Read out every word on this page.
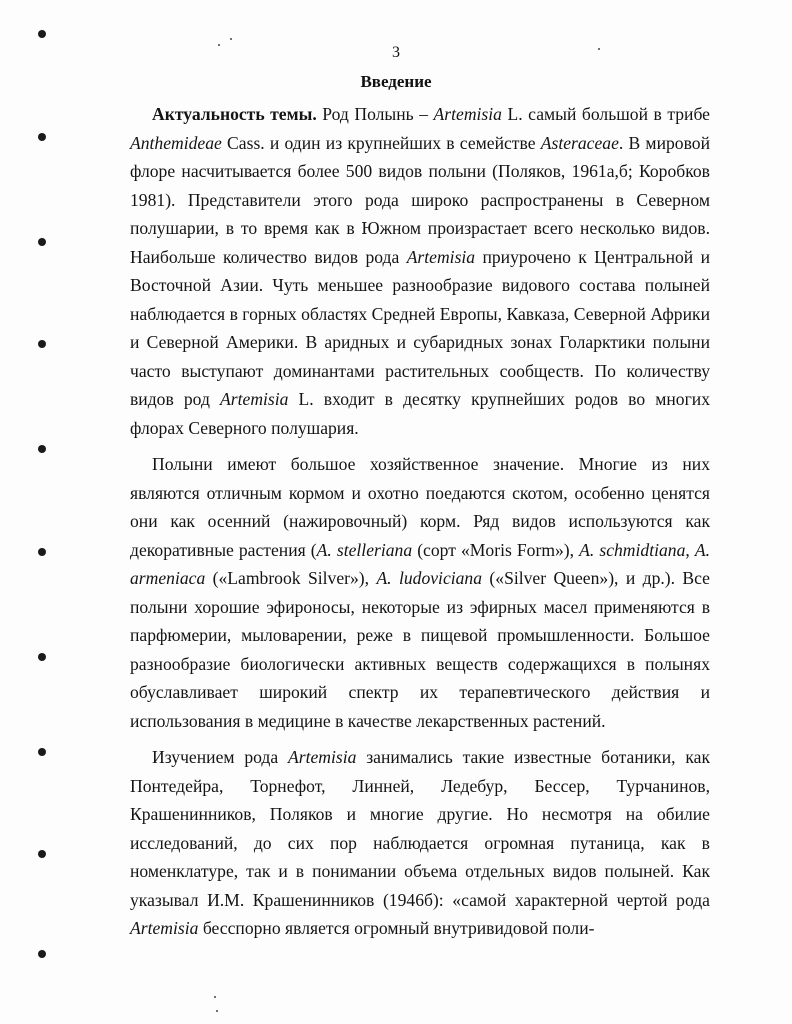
3
Введение

Актуальность темы. Род Полынь – Artemisia L. самый большой в трибе Anthemideae Cass. и один из крупнейших в семействе Asteraceae. В мировой флоре насчитывается более 500 видов полыни (Поляков, 1961а,б; Коробков 1981). Представители этого рода широко распространены в Северном полушарии, в то время как в Южном произрастает всего несколько видов. Наибольше количество видов рода Artemisia приурочено к Центральной и Восточной Азии. Чуть меньшее разнообразие видового состава полыней наблюдается в горных областях Средней Европы, Кавказа, Северной Африки и Северной Америки. В аридных и субаридных зонах Голарктики полыни часто выступают доминантами растительных сообществ. По количеству видов род Artemisia L. входит в десятку крупнейших родов во многих флорах Северного полушария.

Полыни имеют большое хозяйственное значение. Многие из них являются отличным кормом и охотно поедаются скотом, особенно ценятся они как осенний (нажировочный) корм. Ряд видов используются как декоративные растения (A. stelleriana (сорт «Moris Form»), A. schmidtiana, A. armeniaca («Lambrook Silver»), A. ludoviciana («Silver Queen»), и др.). Все полыни хорошие эфироносы, некоторые из эфирных масел применяются в парфюмерии, мыловарении, реже в пищевой промышленности. Большое разнообразие биологически активных веществ содержащихся в полынях обуславливает широкий спектр их терапевтического действия и использования в медицине в качестве лекарственных растений.

Изучением рода Artemisia занимались такие известные ботаники, как Понтедейра, Торнефот, Линней, Ледебур, Бессер, Турчанинов, Крашенинников, Поляков и многие другие. Но несмотря на обилие исследований, до сих пор наблюдается огромная путаница, как в номенклатуре, так и в понимании объема отдельных видов полыней. Как указывал И.М. Крашенинников (1946б): «самой характерной чертой рода Artemisia бесспорно является огромный внутривидовой поли-
